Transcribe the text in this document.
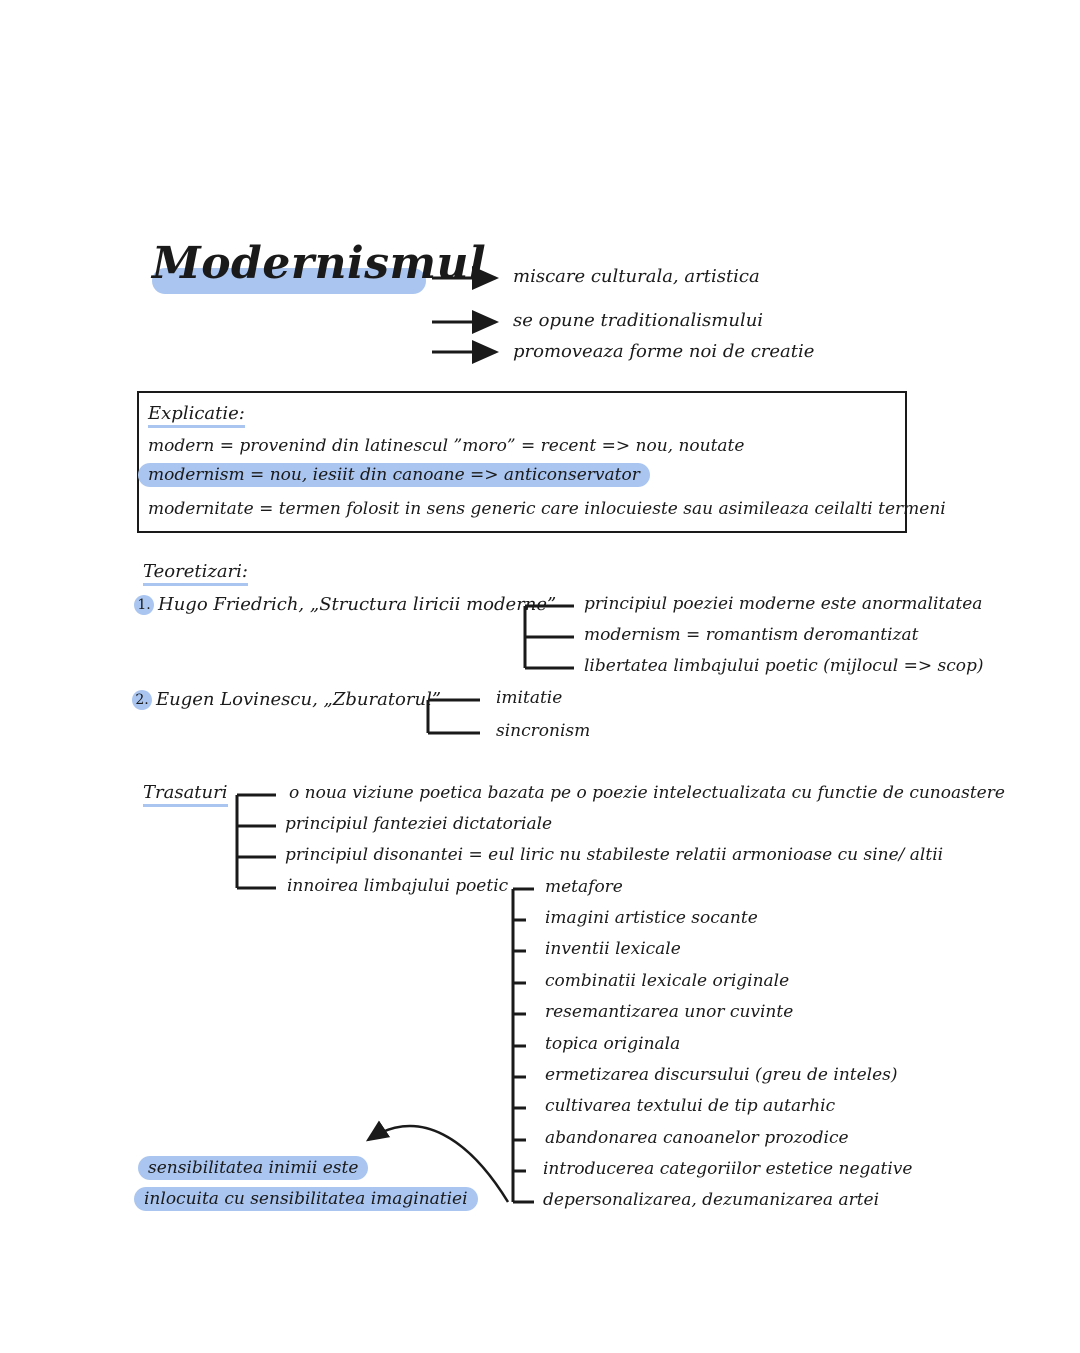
Modernismul miscare culturala, artistica
se opune traditionalismului
promoveaza forme noi de creatie
Explicatie:
modern = provenind din latinescul ”moro” = recent => nou, noutate
modernism = nou, iesiit din canoane => anticonservator
modernitate = termen folosit in sens generic care inlocuieste sau asimileaza ceilalti termeni
Teoretizari:
1. Hugo Friedrich, „Structura liricii moderne” principiul poeziei moderne este anormalitatea
modernism = romantism deromantizat
libertatea limbajului poetic (mijlocul => scop)
2. Eugen Lovinescu, „Zburatorul”	imitatie
sincronism
Trasaturi	o noua viziune poetica bazata pe o poezie intelectualizata cu functie de cunoastere
principiul fanteziei dictatoriale
principiul disonantei = eul liric nu stabileste relatii armonioase cu sine/ altii
innoirea limbajului poetic metafore
imagini artistice socante
inventii lexicale
combinatii lexicale originale
resemantizarea unor cuvinte
topica originala
ermetizarea discursului (greu de inteles)
cultivarea textului de tip autarhic
abandonarea canoanelor prozodice
introducerea categoriilor estetice negative
depersonalizarea, dezumanizarea artei
sensibilitatea inimii este
inlocuita cu sensibilitatea imaginatiei
